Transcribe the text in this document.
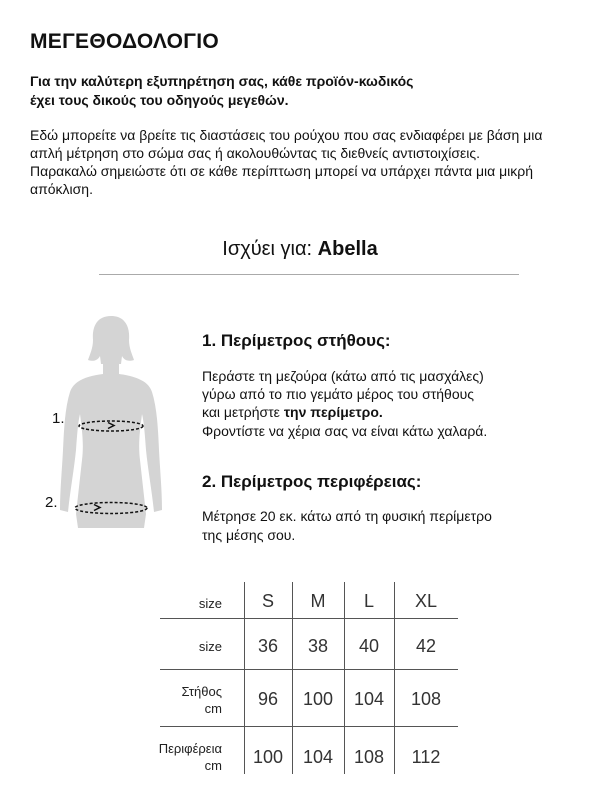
ΜΕΓΕΘΟΔΟΛΟΓΙΟ

Για την καλύτερη εξυπηρέτηση σας, κάθε προϊόν-κωδικός
έχει τους δικούς του οδηγούς μεγεθών.

Εδώ μπορείτε να βρείτε τις διαστάσεις του ρούχου που σας ενδιαφέρει με βάση μια απλή μέτρηση στο σώμα σας ή ακολουθώντας τις διεθνείς αντιστοιχίσεις.

Παρακαλώ σημειώστε ότι σε κάθε περίπτωση μπορεί να υπάρχει πάντα μια μικρή απόκλιση.

Ισχύει για: Abella
1.
2.
1. Περίμετρος στήθους:

Περάστε τη μεζούρα (κάτω από τις μασχάλες)
γύρω από το πιο γεμάτο μέρος του στήθους
και μετρήστε την περίμετρο.
Φροντίστε να χέρια σας να είναι κάτω χαλαρά.

2. Περίμετρος περιφέρειας:

Μέτρησε 20 εκ. κάτω από τη φυσική περίμετρο
της μέσης σου.

size	S	M	L	XL
size	36	38	40	42
Στήθος
cm	96	100	104	108
Περιφέρεια
cm	100	104	108	112
